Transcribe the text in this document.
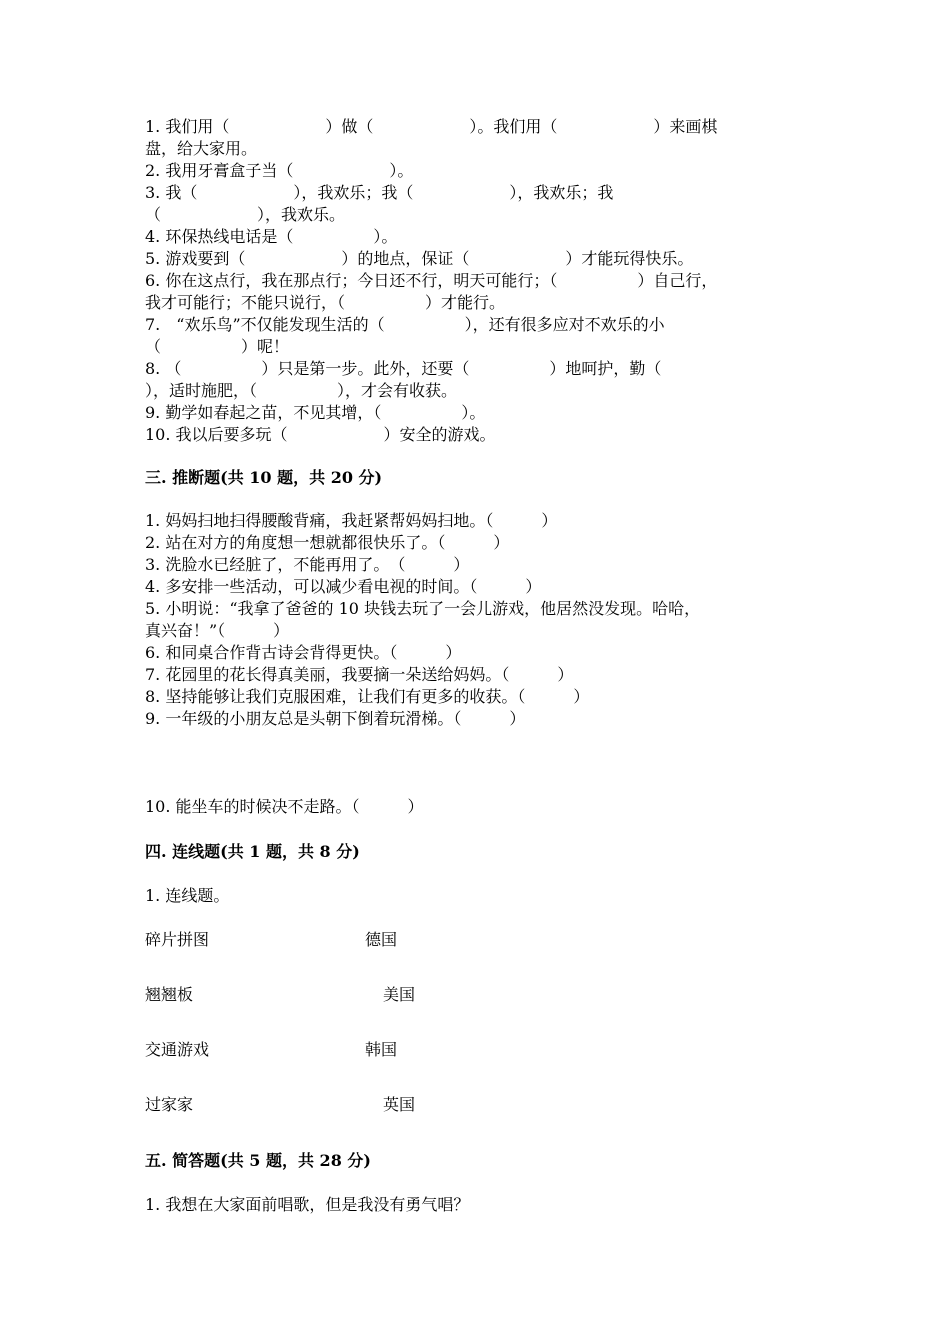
1. 我们用（　　　　　　）做（　　　　　　）。我们用（　　　　　　）来画棋
盘，给大家用。
2. 我用牙膏盒子当（　　　　　　）。
3. 我（　　　　　　），我欢乐；我（　　　　　　），我欢乐；我
（　　　　　　），我欢乐。
4. 环保热线电话是（　　　　　）。
5. 游戏要到（　　　　　　）的地点，保证（　　　　　　）才能玩得快乐。
6. 你在这点行，我在那点行；今日还不行，明天可能行；（　　　　　）自己行，
我才可能行；不能只说行，（　　　　　）才能行。
7.　“欢乐鸟”不仅能发现生活的（　　　　　），还有很多应对不欢乐的小
（　　　　　）呢！
8. （　　　　　）只是第一步。此外，还要（　　　　　）地呵护，勤（
），适时施肥，（　　　　　），才会有收获。
9. 勤学如春起之苗，不见其增，（　　　　　）。
10. 我以后要多玩（　　　　　　）安全的游戏。
三. 推断题(共 10 题，共 20 分)
1. 妈妈扫地扫得腰酸背痛，我赶紧帮妈妈扫地。（　　　）
2. 站在对方的角度想一想就都很快乐了。（　　　）
3. 洗脸水已经脏了，不能再用了。　（　　　）
4. 多安排一些活动，可以减少看电视的时间。（　　　）
5. 小明说：“我拿了爸爸的 10 块钱去玩了一会儿游戏，他居然没发现。哈哈，
真兴奋！”（　　　）
6. 和同桌合作背古诗会背得更快。（　　　）
7. 花园里的花长得真美丽，我要摘一朵送给妈妈。（　　　）
8. 坚持能够让我们克服困难，让我们有更多的收获。（　　　）
9. 一年级的小朋友总是头朝下倒着玩滑梯。（　　　）
10. 能坐车的时候决不走路。（　　　）
四. 连线题(共 1 题，共 8 分)
1. 连线题。
碎片拼图	德国
翘翘板	美国
交通游戏	韩国
过家家	英国
五. 简答题(共 5 题，共 28 分)
1. 我想在大家面前唱歌，但是我没有勇气唱？
